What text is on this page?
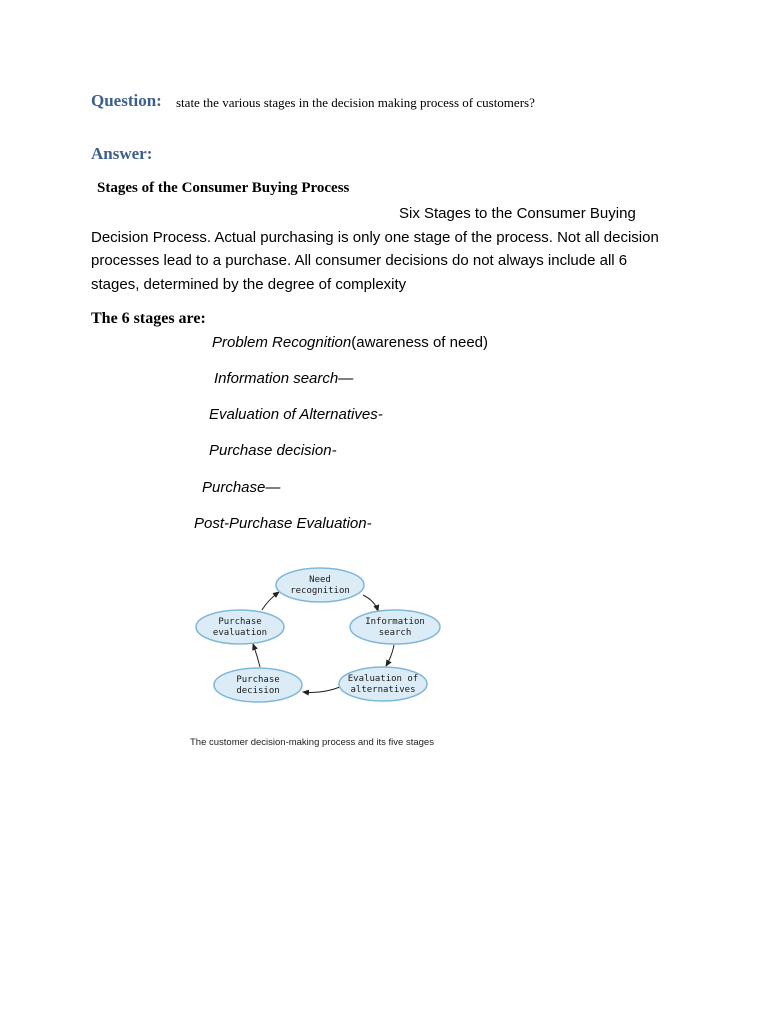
Question: state the various stages in the decision making process of customers?
Answer:
Stages of the Consumer Buying Process
Six Stages to the Consumer Buying
Decision Process. Actual purchasing is only one stage of the process. Not all decision
processes lead to a purchase. All consumer decisions do not always include all 6
stages, determined by the degree of complexity
The 6 stages are:
Problem Recognition(awareness of need)
Information search—
Evaluation of Alternatives-
Purchase decision-
Purchase—
Post-Purchase Evaluation-
Need
recognition
Information
search
Evaluation of
alternatives
Purchase
decision
Purchase
evaluation
The customer decision-making process and its five stages
